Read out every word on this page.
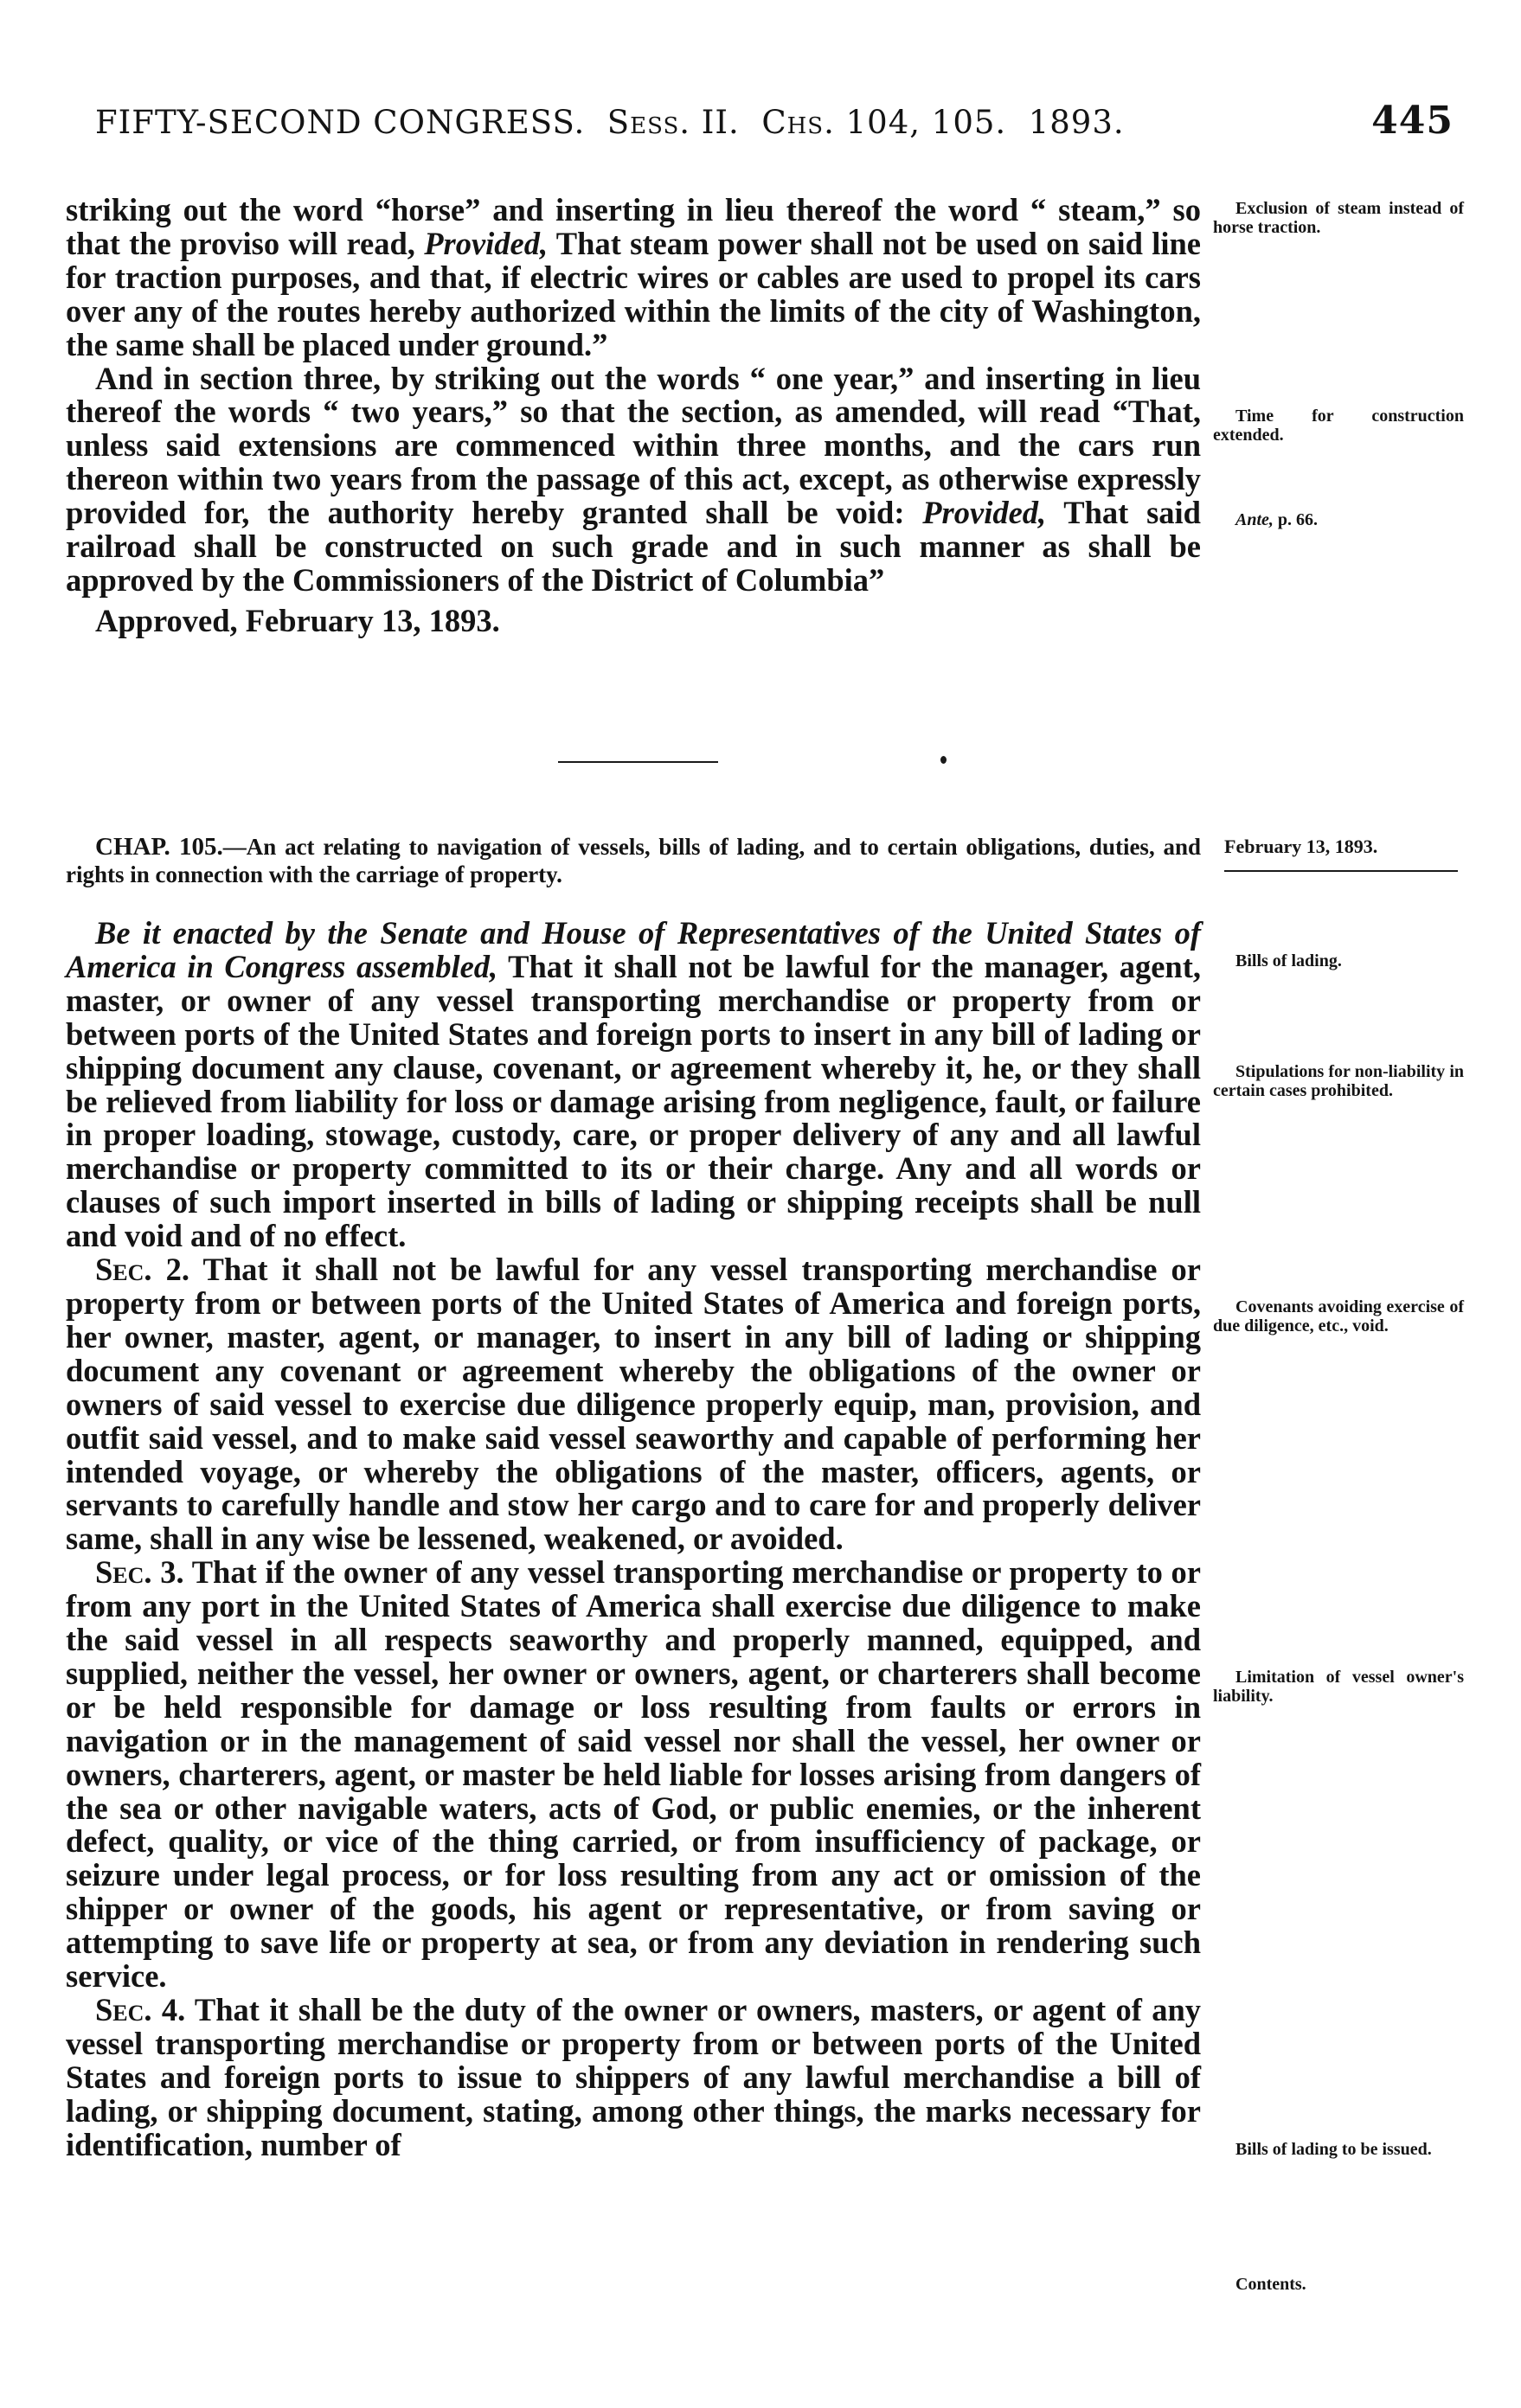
FIFTY-SECOND CONGRESS. Sess. II. Chs. 104, 105. 1893.	445

striking out the word “horse” and inserting in lieu thereof the word “ steam,” so that the proviso will read, Provided, That steam power shall not be used on said line for traction purposes, and that, if electric wires or cables are used to propel its cars over any of the routes hereby authorized within the limits of the city of Washington, the same shall be placed under ground.”

And in section three, by striking out the words “ one year,” and inserting in lieu thereof the words “ two years,” so that the section, as amended, will read “That, unless said extensions are commenced within three months, and the cars run thereon within two years from the passage of this act, except, as otherwise expressly provided for, the authority hereby granted shall be void: Provided, That said railroad shall be constructed on such grade and in such manner as shall be approved by the Commissioners of the District of Columbia”

Approved, February 13, 1893.

CHAP. 105.—An act relating to navigation of vessels, bills of lading, and to certain obligations, duties, and rights in connection with the carriage of property.
February 13, 1893.

Be it enacted by the Senate and House of Representatives of the United States of America in Congress assembled, That it shall not be lawful for the manager, agent, master, or owner of any vessel transporting merchandise or property from or between ports of the United States and foreign ports to insert in any bill of lading or shipping document any clause, covenant, or agreement whereby it, he, or they shall be relieved from liability for loss or damage arising from negligence, fault, or failure in proper loading, stowage, custody, care, or proper delivery of any and all lawful merchandise or property committed to its or their charge. Any and all words or clauses of such import inserted in bills of lading or shipping receipts shall be null and void and of no effect.

Sec. 2. That it shall not be lawful for any vessel transporting merchandise or property from or between ports of the United States of America and foreign ports, her owner, master, agent, or manager, to insert in any bill of lading or shipping document any covenant or agreement whereby the obligations of the owner or owners of said vessel to exercise due diligence properly equip, man, provision, and outfit said vessel, and to make said vessel seaworthy and capable of performing her intended voyage, or whereby the obligations of the master, officers, agents, or servants to carefully handle and stow her cargo and to care for and properly deliver same, shall in any wise be lessened, weakened, or avoided.

Sec. 3. That if the owner of any vessel transporting merchandise or property to or from any port in the United States of America shall exercise due diligence to make the said vessel in all respects seaworthy and properly manned, equipped, and supplied, neither the vessel, her owner or owners, agent, or charterers shall become or be held responsible for damage or loss resulting from faults or errors in navigation or in the management of said vessel nor shall the vessel, her owner or owners, charterers, agent, or master be held liable for losses arising from dangers of the sea or other navigable waters, acts of God, or public enemies, or the inherent defect, quality, or vice of the thing carried, or from insufficiency of package, or seizure under legal process, or for loss resulting from any act or omission of the shipper or owner of the goods, his agent or representative, or from saving or attempting to save life or property at sea, or from any deviation in rendering such service.

Sec. 4. That it shall be the duty of the owner or owners, masters, or agent of any vessel transporting merchandise or property from or between ports of the United States and foreign ports to issue to shippers of any lawful merchandise a bill of lading, or shipping document, stating, among other things, the marks necessary for identification, number of

Exclusion of steam instead of horse traction.
Time for construction extended.
Ante, p. 66.
Bills of lading.
Stipulations for non-liability in certain cases prohibited.
Covenants avoiding exercise of due diligence, etc., void.
Limitation of vessel owner's liability.
Bills of lading to be issued.
Contents.
